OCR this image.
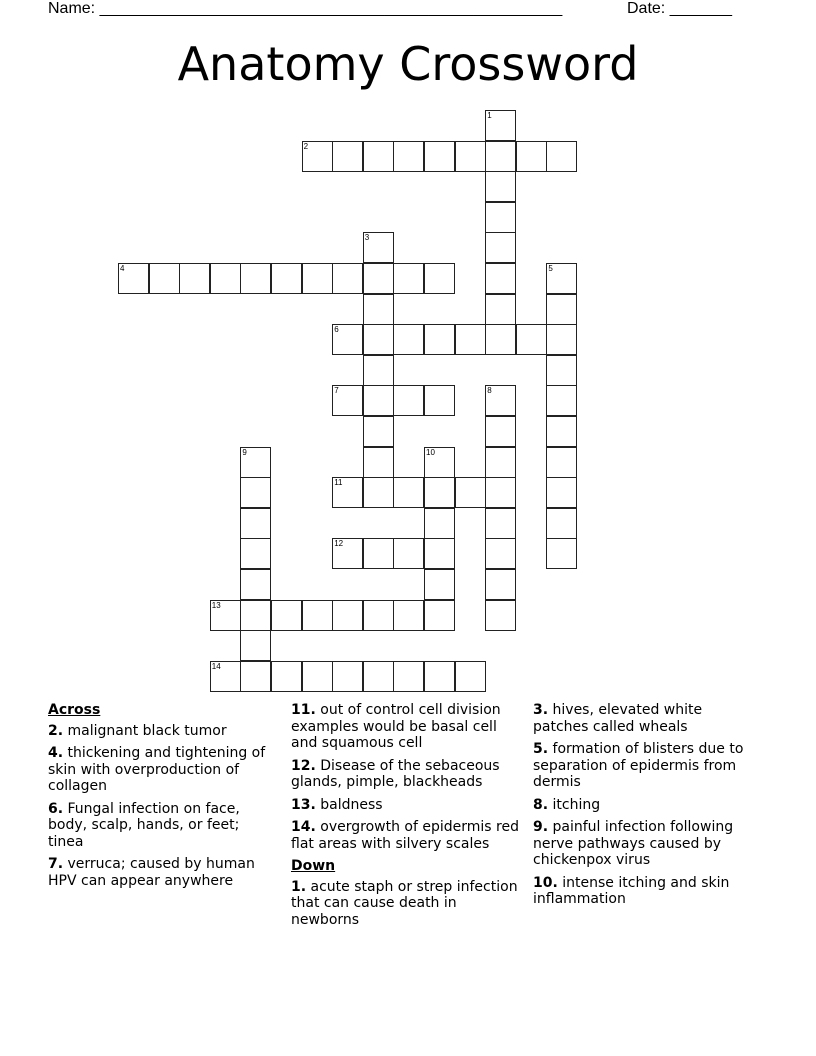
Name: ____________________________________________________	Date: _______
Anatomy Crossword
1
2
3
4	5
6
7	8
9	10
11
12
13
14
Across
2. malignant black tumor
4. thickening and tightening of skin with overproduction of collagen
6. Fungal infection on face, body, scalp, hands, or feet; tinea
7. verruca; caused by human HPV can appear anywhere
11. out of control cell division examples would be basal cell and squamous cell
12. Disease of the sebaceous glands, pimple, blackheads
13. baldness
14. overgrowth of epidermis red flat areas with silvery scales
Down
1. acute staph or strep infection that can cause death in newborns
3. hives, elevated white patches called wheals
5. formation of blisters due to separation of epidermis from dermis
8. itching
9. painful infection following nerve pathways caused by chickenpox virus
10. intense itching and skin inflammation
